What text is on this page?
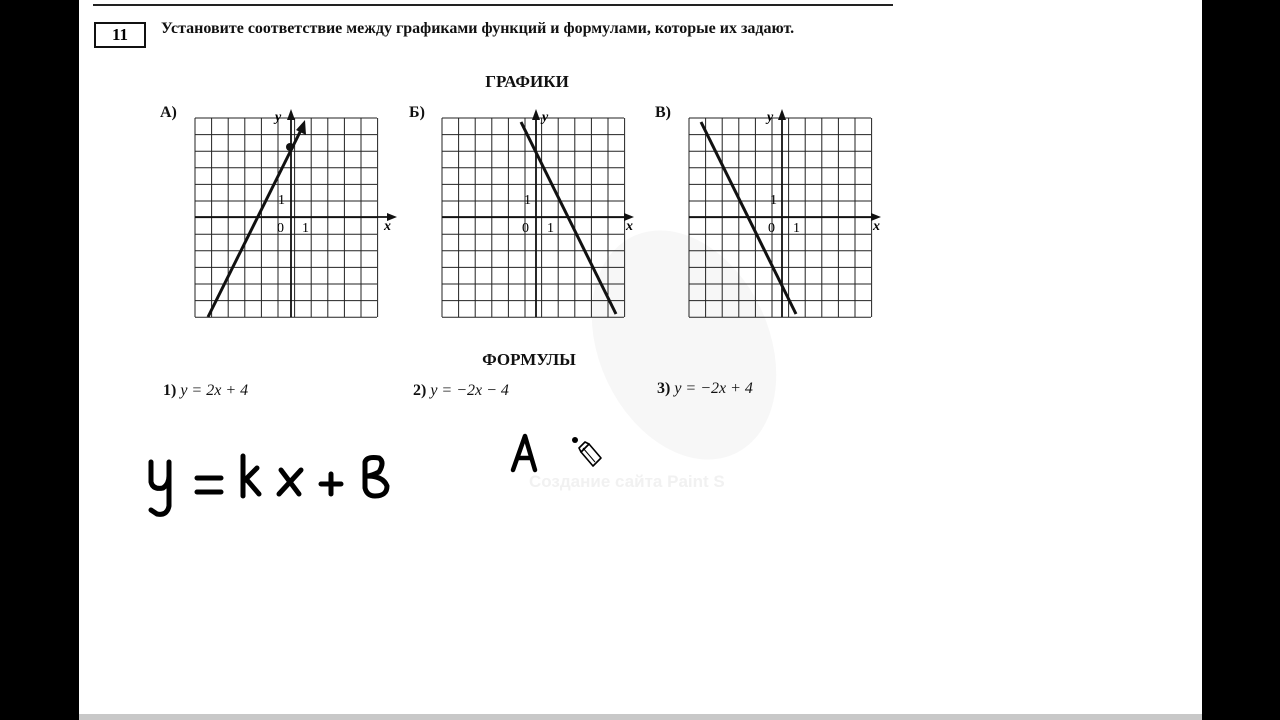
Создание сайта Paint S
11	Установите соответствие между графиками функций и формулами, которые их задают.
ГРАФИКИ
А)
x
y
0 1
1
Б)
x
y
0 1
1
В)
x
y
0 1
1
ФОРМУЛЫ
1) y = 2x + 4	2) y = −2x − 4	3) y = −2x + 4
